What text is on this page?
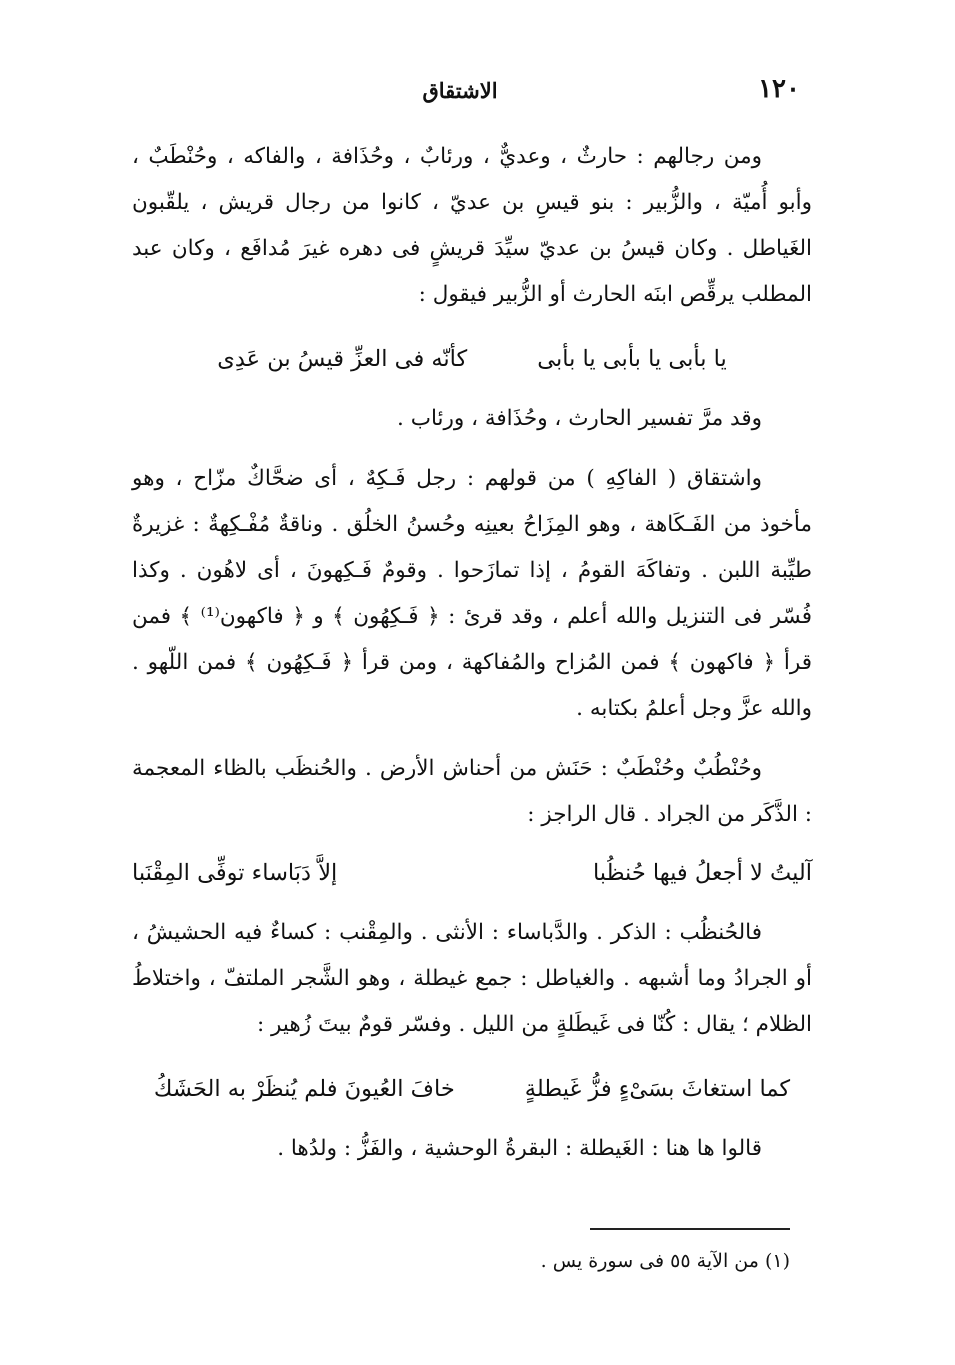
١٢٠
الاشتقاق

ومن رجالهم : حارثٌ ، وعديٌّ ، ورئابٌ ، وحُذَافة ، والفاكه ، وحُنْطَبٌ ، وأبو أُميّة ، والزُّبير : بنو قيسِ بن عديّ ، كانوا من رجال قريش ، يلقّبون الغَياطل . وكان قيسُ بن عديّ سيِّدَ قريشٍ فى دهره غيرَ مُدافَع ، وكان عبد المطلب يرقِّص ابنَه الحارث أو الزُّبير فيقول :

يا بأبى يا بأبى يا بأبى
كأنّه فى العزِّ قيسُ بن عَدِى

وقد مرَّ تفسير الحارث ، وحُذَافة ، ورئاب .

واشتقاق ( الفاكِهِ ) من قولهم : رجل فَـكِهٌ ، أى ضحَّاكٌ مزّاح ، وهو مأخوذ من الفَـكَاهة ، وهو المِزَاحُ بعينِه وحُسنُ الخلُق . وناقةٌ مُفْـكِهةٌ : غزيرةٌ طيِّبة اللبن . وتفاكَهَ القومُ ، إذا تمازَحوا . وقومٌ فَـكِهونَ ، أى لاهُون . وكذا فُسّر فى التنزيل والله أعلم ، وقد قرئ : ﴿ فَـكِهُون ﴾ و ﴿ فاكهون⁽¹⁾ ﴾ فمن قرأ ﴿ فاكهون ﴾ فمن المُزاح والمُفاكهة ، ومن قرأ ﴿ فَـكِهُون ﴾ فمن اللّهو . والله عزَّ وجل أعلمُ بكتابه .

وحُنْطُبٌ وحُنْطَبٌ : حَنَش من أحناش الأرض . والحُنظَب بالظاء المعجمة : الذَّكَر من الجراد . قال الراجز :

آليتُ لا أجعلُ فيها حُنظُبا
إلاَّ دَبَاساء توفِّى المِقْنَبا

فالحُنظُب : الذكر . والدَّباساء : الأنثى . والمِقْنب : كساءٌ فيه الحشيشُ ، أو الجرادُ وما أشبهه . والغياطل : جمع غيطلة ، وهو الشَّجر الملتفّ ، واختلاطُ الظلام ؛ يقال : كُنّا فى غَيطَلةٍ من الليل . وفسّر قومٌ بيتَ زُهير :

كما استغاثَ بسَىْءٍ فزُّ غَيطلةٍ
خافَ العُيونَ فلم يُنظَرْ به الحَشَكُ

قالوا ها هنا : الغَيطلة : البقرةُ الوحشية ، والفَزُّ : ولدُها .

(١) من الآية ٥٥ فى سورة يس .
